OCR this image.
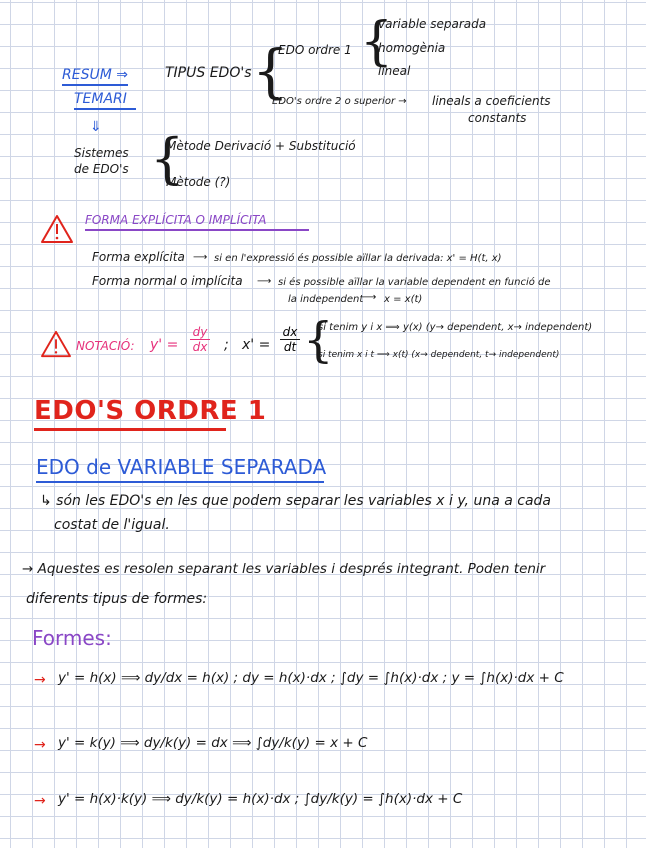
RESUM ⇒
TEMARI
TIPUS EDO's {
EDO ordre 1 {
variable separada
homogènia
lineal
EDO's ordre 2 o superior → lineals a coeficients
constants
⇓
Sistemes
de EDO's {
Mètode Derivació + Substitució
Mètode (?)
FORMA EXPLÍCITA O IMPLÍCITA
Forma explícita ⟶ si en l'expressió és possible aïllar la derivada: x' = H(t, x)
Forma normal o implícita ⟶ si és possible aïllar la variable dependent en funció de
la independent
⟶ x = x(t)
NOTACIÓ: y' =
dy
dx ; x' =
dx
dt {
si tenim y i x ⟹ y(x) (y→ dependent, x→ independent)
si tenim x i t ⟹ x(t) (x→ dependent, t→ independent)
EDO'S ORDRE 1
EDO de VARIABLE SEPARADA
↳ són les EDO's en les que podem separar les variables x i y, una a cada
costat de l'igual.
→ Aquestes es resolen separant les variables i després integrant. Poden tenir
diferents tipus de formes:
Formes:
→ y' = h(x) ⟹ dy/dx = h(x) ; dy = h(x)·dx ; ∫dy = ∫h(x)·dx ; y = ∫h(x)·dx + C
→ y' = k(y) ⟹ dy/k(y) = dx ⟹ ∫dy/k(y) = x + C
→ y' = h(x)·k(y) ⟹ dy/k(y) = h(x)·dx ; ∫dy/k(y) = ∫h(x)·dx + C
